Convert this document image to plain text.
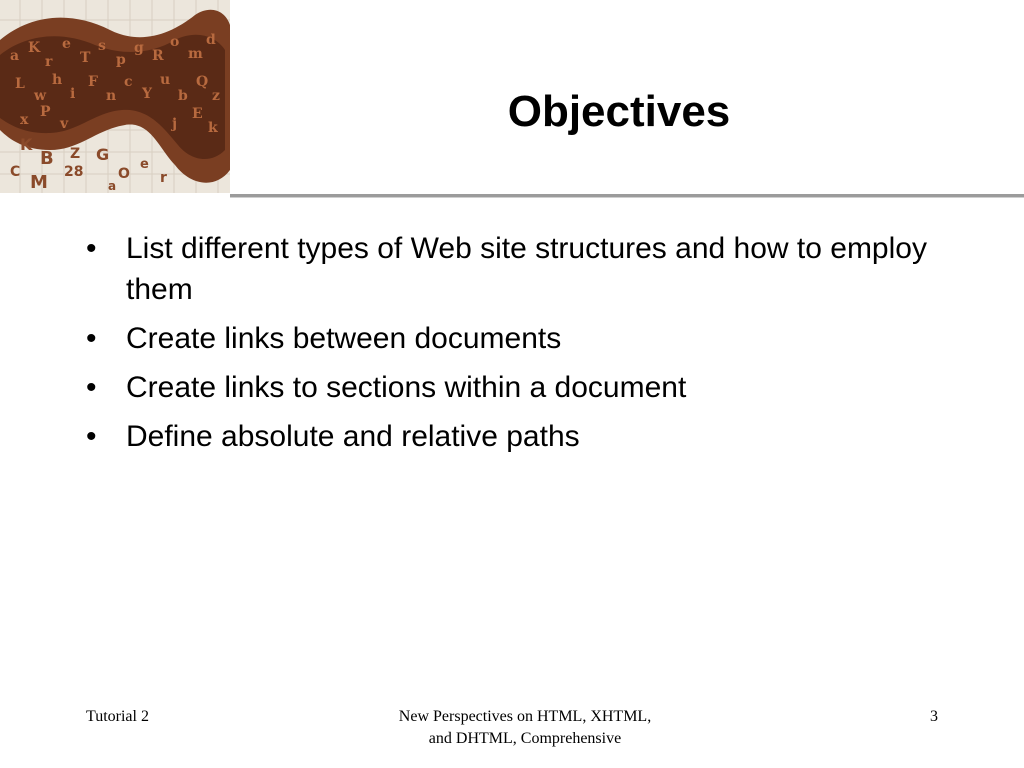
a K
r
e
T
s
p
g R
o
m
d
L
w
h
i
F
n
c
Y
u
b
Q
z
x P
v	j
E
k
K
B
C M 28
Z G
O
a
e
r
Objectives
• List different types of Web site structures and how to employ them
• Create links between documents
• Create links to sections within a document
• Define absolute and relative paths
Tutorial 2	New Perspectives on HTML, XHTML,
and DHTML, Comprehensive
3
